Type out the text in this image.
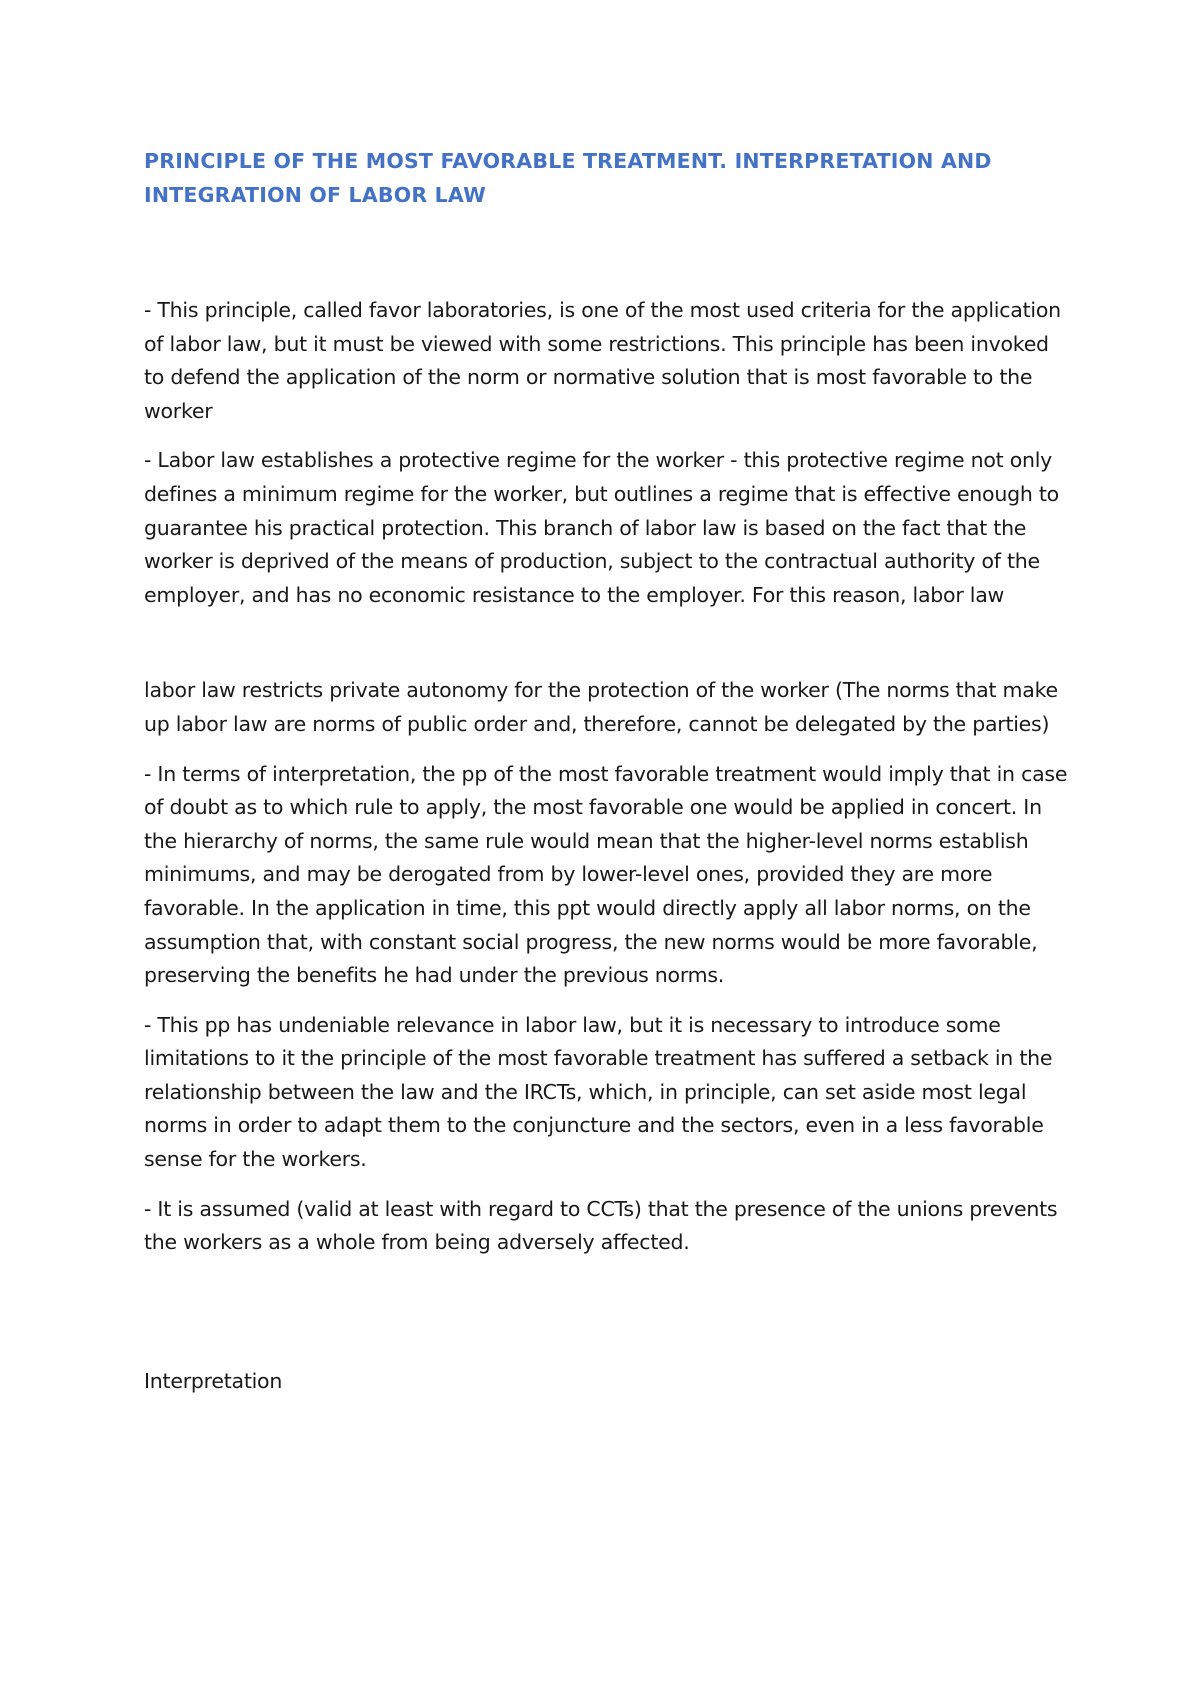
PRINCIPLE OF THE MOST FAVORABLE TREATMENT. INTERPRETATION AND INTEGRATION OF LABOR LAW

- This principle, called favor laboratories, is one of the most used criteria for the application of labor law, but it must be viewed with some restrictions. This principle has been invoked to defend the application of the norm or normative solution that is most favorable to the worker

- Labor law establishes a protective regime for the worker - this protective regime not only defines a minimum regime for the worker, but outlines a regime that is effective enough to guarantee his practical protection. This branch of labor law is based on the fact that the worker is deprived of the means of production, subject to the contractual authority of the employer, and has no economic resistance to the employer. For this reason, labor law

labor law restricts private autonomy for the protection of the worker (The norms that make up labor law are norms of public order and, therefore, cannot be delegated by the parties)

- In terms of interpretation, the pp of the most favorable treatment would imply that in case of doubt as to which rule to apply, the most favorable one would be applied in concert. In the hierarchy of norms, the same rule would mean that the higher-level norms establish minimums, and may be derogated from by lower-level ones, provided they are more favorable. In the application in time, this ppt would directly apply all labor norms, on the assumption that, with constant social progress, the new norms would be more favorable, preserving the benefits he had under the previous norms.

- This pp has undeniable relevance in labor law, but it is necessary to introduce some limitations to it the principle of the most favorable treatment has suffered a setback in the relationship between the law and the IRCTs, which, in principle, can set aside most legal norms in order to adapt them to the conjuncture and the sectors, even in a less favorable sense for the workers.

- It is assumed (valid at least with regard to CCTs) that the presence of the unions prevents the workers as a whole from being adversely affected.

Interpretation
